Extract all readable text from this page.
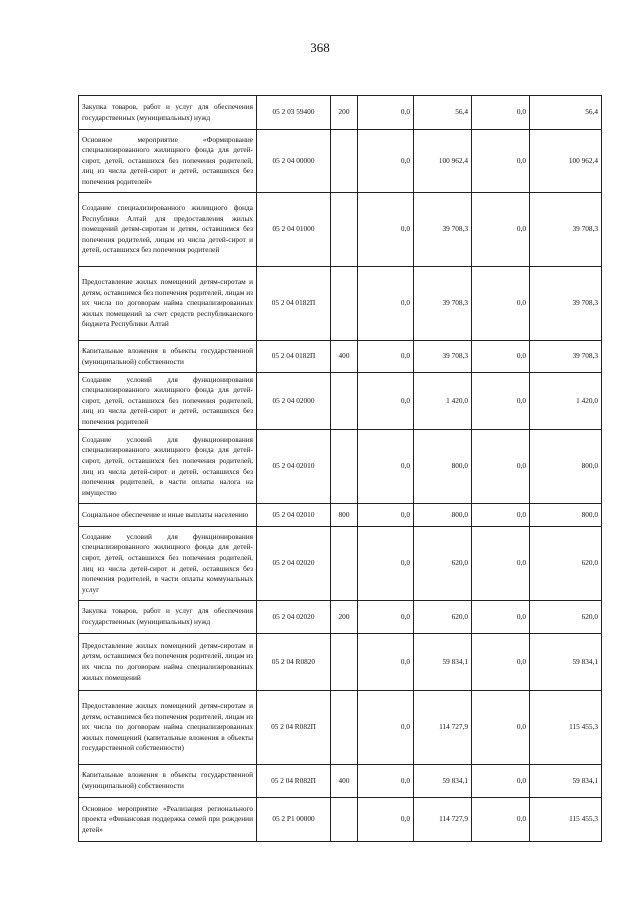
368
Закупка товаров, работ и услуг для обеспечения государственных (муниципальных) нужд	05 2 03 59400	200	0,0	56,4	0,0	56,4
Основное мероприятие «Формирование специализированного жилищного фонда для детей-сирот, детей, оставшихся без попечения родителей, лиц из числа детей-сирот и детей, оставшихся без попечения родителей»	05 2 04 00000		0,0	100 962,4	0,0	100 962,4
Создание специализированного жилищного фонда Республики Алтай для предоставления жилых помещений детям-сиротам и детям, оставшимся без попечения родителей, лицам из числа детей-сирот и детей, оставшихся без попечения родителей	05 2 04 01000		0,0	39 708,3	0,0	39 708,3
Предоставление жилых помещений детям-сиротам и детям, оставшимся без попечения родителей, лицам из их числа по договорам найма специализированных жилых помещений за счет средств республиканского бюджета Республики Алтай	05 2 04 0182П		0,0	39 708,3	0,0	39 708,3
Капитальные вложения в объекты государственной (муниципальной) собственности	05 2 04 0182П	400	0,0	39 708,3	0,0	39 708,3
Создание условий для функционирования специализированного жилищного фонда для детей-сирот, детей, оставшихся без попечения родителей, лиц из числа детей-сирот и детей, оставшихся без попечения родителей	05 2 04 02000		0,0	1 420,0	0,0	1 420,0
Создание условий для функционирования специализированного жилищного фонда для детей-сирот, детей, оставшихся без попечения родителей, лиц из числа детей-сирот и детей, оставшихся без попечения родителей, в части оплаты налога на имущество	05 2 04 02010		0,0	800,0	0,0	800,0
Социальное обеспечение и иные выплаты населению	05 2 04 02010	800	0,0	800,0	0,0	800,0
Создание условий для функционирования специализированного жилищного фонда для детей-сирот, детей, оставшихся без попечения родителей, лиц из числа детей-сирот и детей, оставшихся без попечения родителей, в части оплаты коммунальных услуг	05 2 04 02020		0,0	620,0	0,0	620,0
Закупка товаров, работ и услуг для обеспечения государственных (муниципальных) нужд	05 2 04 02020	200	0,0	620,0	0,0	620,0
Предоставление жилых помещений детям-сиротам и детям, оставшимся без попечения родителей, лицам из их числа по договорам найма специализированных жилых помещений	05 2 04 R0820		0,0	59 834,1	0,0	59 834,1
Предоставление жилых помещений детям-сиротам и детям, оставшимся без попечения родителей, лицам из их числа по договорам найма специализированных жилых помещений (капитальные вложения в объекты государственной собственности)	05 2 04 R082П		0,0	114 727,9	0,0	115 455,3
Капитальные вложения в объекты государственной (муниципальной) собственности	05 2 04 R082П	400	0,0	59 834,1	0,0	59 834,1
Основное мероприятие «Реализация регионального проекта «Финансовая поддержка семей при рождении детей»	05 2 P1 00000		0,0	114 727,9	0,0	115 455,3
